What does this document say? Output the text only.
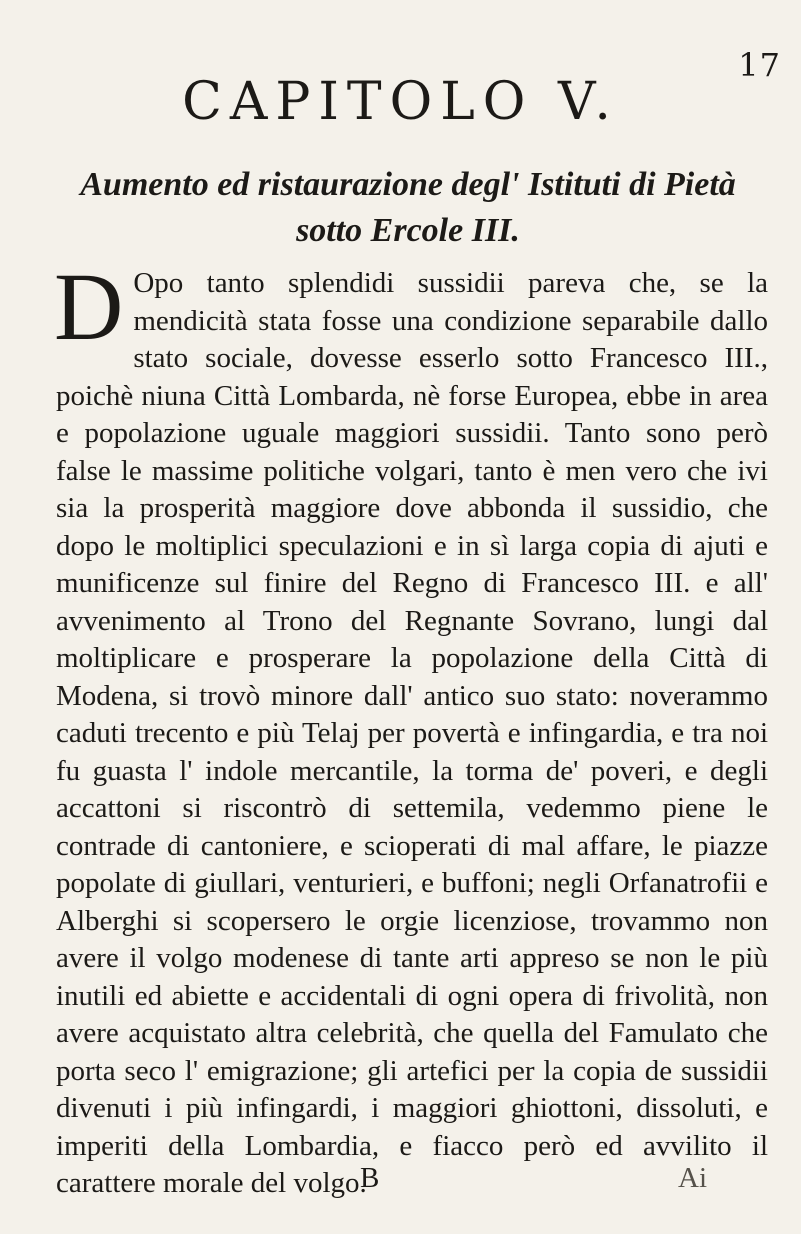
17
CAPITOLO V.
Aumento ed ristaurazione degl' Istituti di Pietà sotto Ercole III.
D Opo tanto splendidi sussidii pareva che, se la mendicità stata fosse una condizione separabile dallo stato sociale, dovesse esserlo sotto Francesco III., poichè niuna Città Lombarda, nè forse Europea, ebbe in area e popolazione uguale maggiori sussidii. Tanto sono però false le massime politiche volgari, tanto è men vero che ivi sia la prosperità maggiore dove abbonda il sussidio, che dopo le moltiplici speculazioni e in sì larga copia di ajuti e munificenze sul finire del Regno di Francesco III. e all' avvenimento al Trono del Regnante Sovrano, lungi dal moltiplicare e prosperare la popolazione della Città di Modena, si trovò minore dall' antico suo stato: noverammo caduti trecento e più Telaj per povertà e infingardia, e tra noi fu guasta l' indole mercantile, la torma de' poveri, e degli accattoni si riscontrò di settemila, vedemmo piene le contrade di cantoniere, e scioperati di mal affare, le piazze popolate di giullari, venturieri, e buffoni; negli Orfanatrofii e Alberghi si scopersero le orgie licenziose, trovammo non avere il volgo modenese di tante arti appreso se non le più inutili ed abiette e accidentali di ogni opera di frivolità, non avere acquistato altra celebrità, che quella del Famulato che porta seco l' emigrazione; gli artefici per la copia de sussidii divenuti i più infingardi, i maggiori ghiottoni, dissoluti, e imperiti della Lombardia, e fiacco però ed avvilito il carattere morale del volgo.
B	Ai
